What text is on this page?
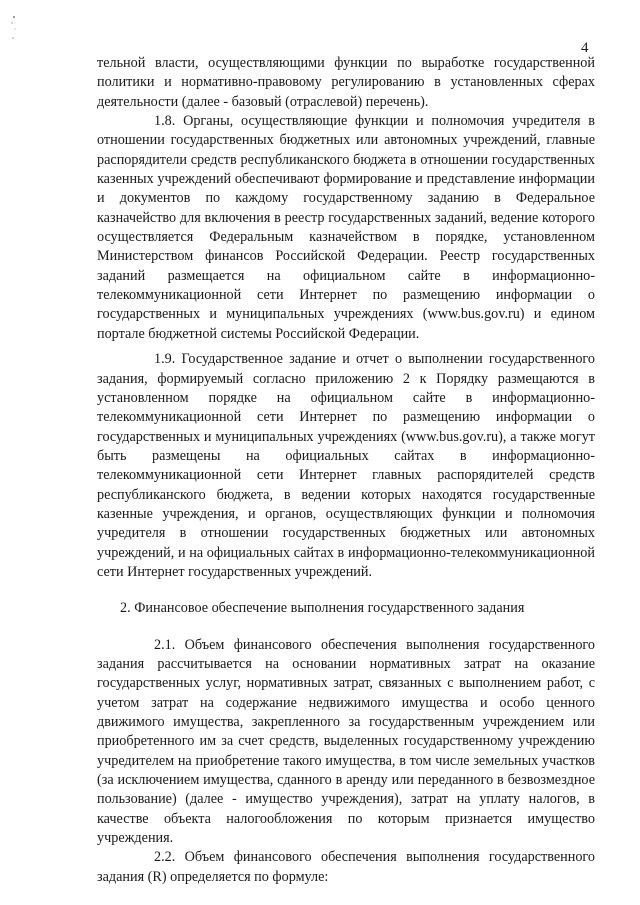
4

тельной власти, осуществляющими функции по выработке государственной политики и нормативно-правовому регулированию в установленных сферах деятельности (далее - базовый (отраслевой) перечень).

1.8. Органы, осуществляющие функции и полномочия учредителя в отношении государственных бюджетных или автономных учреждений, главные распорядители средств республиканского бюджета в отношении государственных казенных учреждений обеспечивают формирование и представление информации и документов по каждому государственному заданию в Федеральное казначейство для включения в реестр государственных заданий, ведение которого осуществляется Федеральным казначейством в порядке, установленном Министерством финансов Российской Федерации. Реестр государственных заданий размещается на официальном сайте в информационно-телекоммуникационной сети Интернет по размещению информации о государственных и муниципальных учреждениях (www.bus.gov.ru) и едином портале бюджетной системы Российской Федерации.

1.9. Государственное задание и отчет о выполнении государственного задания, формируемый согласно приложению 2 к Порядку размещаются в установленном порядке на официальном сайте в информационно-телекоммуникационной сети Интернет по размещению информации о государственных и муниципальных учреждениях (www.bus.gov.ru), а также могут быть размещены на официальных сайтах в информационно-телекоммуникационной сети Интернет главных распорядителей средств республиканского бюджета, в ведении которых находятся государственные казенные учреждения, и органов, осуществляющих функции и полномочия учредителя в отношении государственных бюджетных или автономных учреждений, и на официальных сайтах в информационно-телекоммуникационной сети Интернет государственных учреждений.

2. Финансовое обеспечение выполнения государственного задания

2.1. Объем финансового обеспечения выполнения государственного задания рассчитывается на основании нормативных затрат на оказание государственных услуг, нормативных затрат, связанных с выполнением работ, с учетом затрат на содержание недвижимого имущества и особо ценного движимого имущества, закрепленного за государственным учреждением или приобретенного им за счет средств, выделенных государственному учреждению учредителем на приобретение такого имущества, в том числе земельных участков (за исключением имущества, сданного в аренду или переданного в безвозмездное пользование) (далее - имущество учреждения), затрат на уплату налогов, в качестве объекта налогообложения по которым признается имущество учреждения.

2.2. Объем финансового обеспечения выполнения государственного задания (R) определяется по формуле:
